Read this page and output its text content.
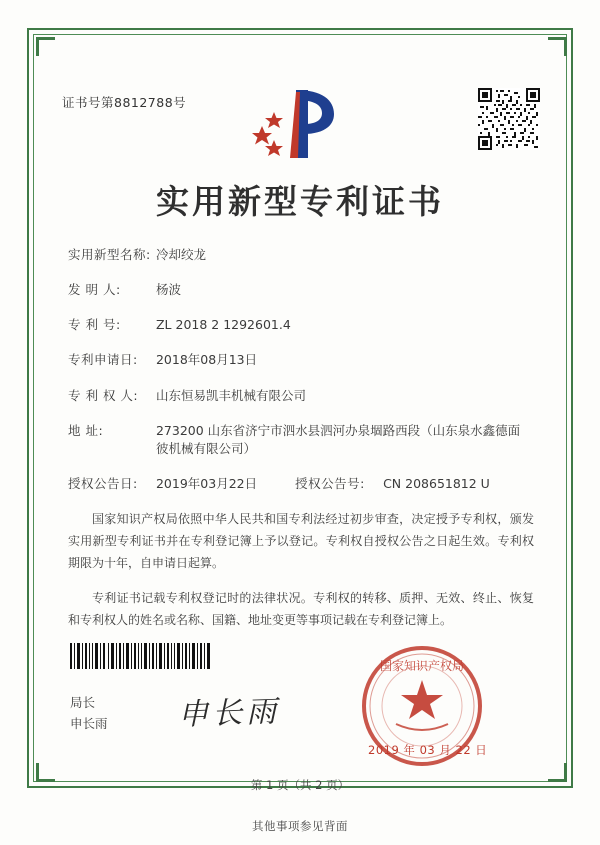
证书号第8812788号
实用新型专利证书
实用新型名称: 冷却绞龙
发 明 人:	杨波
专 利 号:	ZL 2018 2 1292601.4
专利申请日: 2018年08月13日
专 利 权 人: 山东恒易凯丰机械有限公司
地 址:	273200 山东省济宁市泗水县泗河办泉堌路西段（山东泉水鑫德面彼机械有限公司）
授权公告日: 2019年03月22日	授权公告号: CN 208651812 U

国家知识产权局依照中华人民共和国专利法经过初步审查，决定授予专利权，颁发实用新型专利证书并在专利登记簿上予以登记。专利权自授权公告之日起生效。专利权期限为十年，自申请日起算。

专利证书记载专利权登记时的法律状况。专利权的转移、质押、无效、终止、恢复和专利权人的姓名或名称、国籍、地址变更等事项记载在专利登记簿上。

局长
申长雨 申长雨
国家知识产权局
2019 年 03 月 22 日
第 1 页（共 2 页）
其他事项参见背面
